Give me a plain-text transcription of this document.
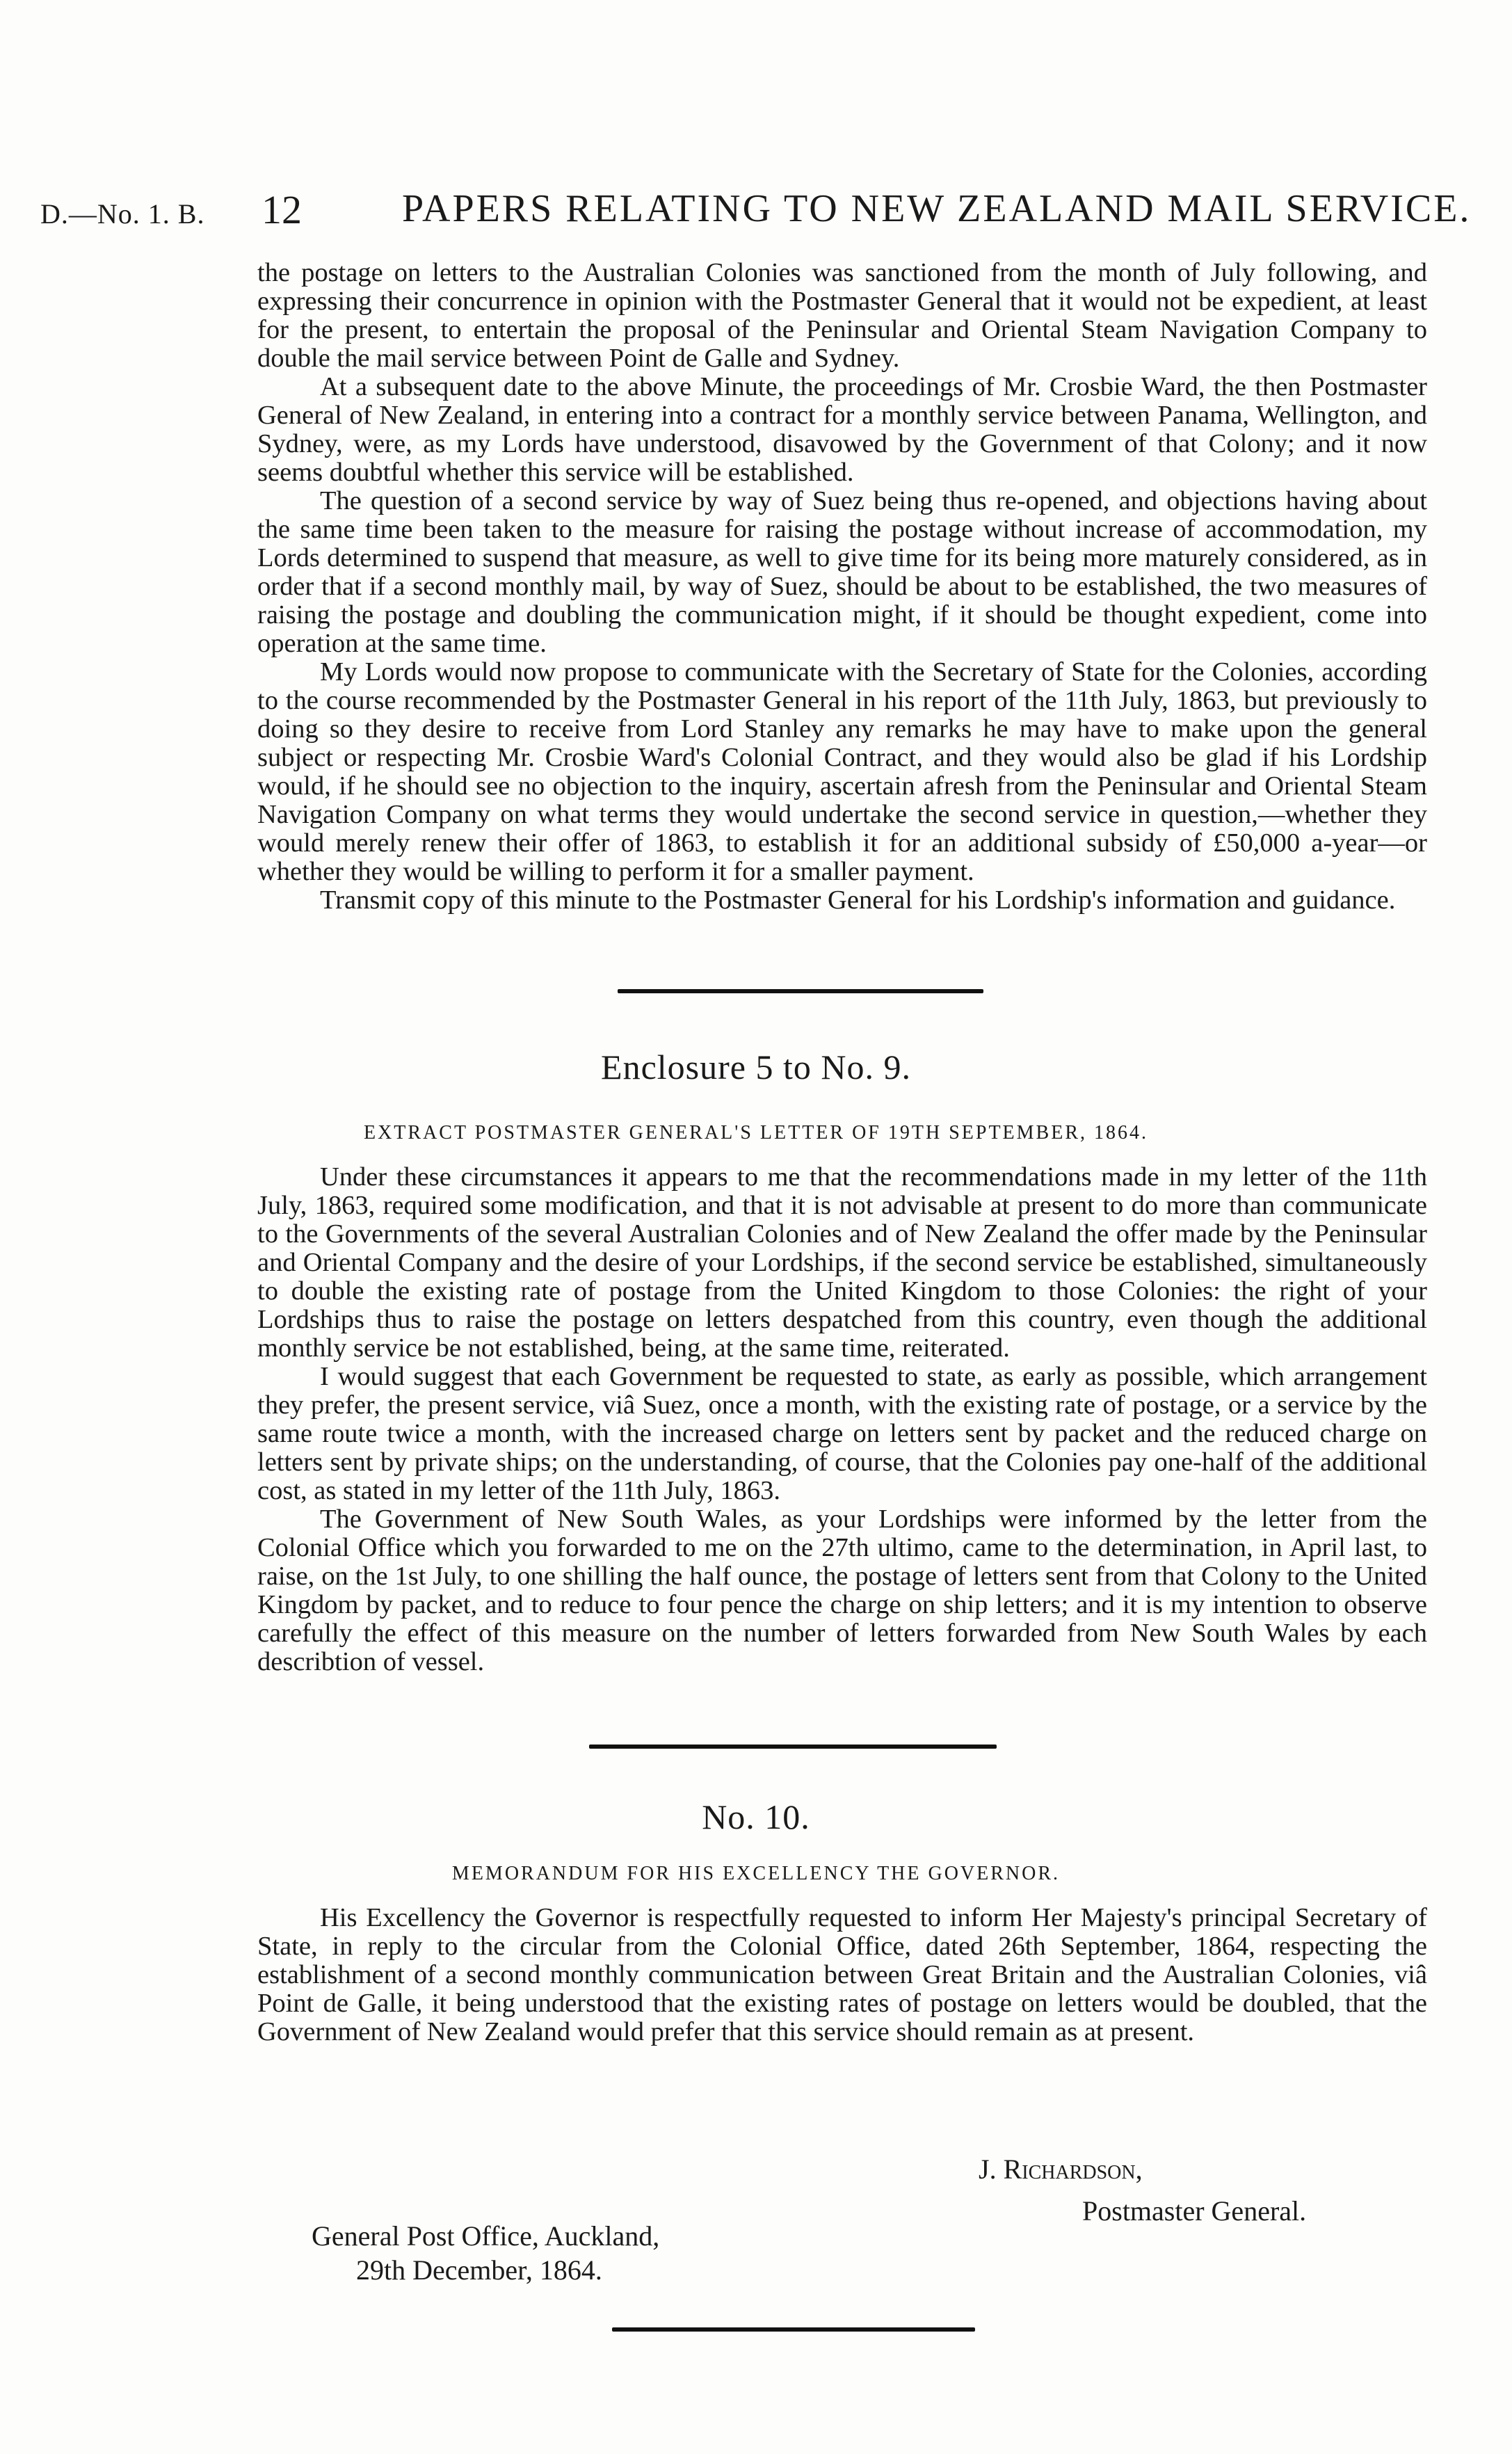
D.—No. 1. B. 12	PAPERS RELATING TO NEW ZEALAND MAIL SERVICE.

the postage on letters to the Australian Colonies was sanctioned from the month of July following, and expressing their concurrence in opinion with the Postmaster General that it would not be expedient, at least for the present, to entertain the proposal of the Peninsular and Oriental Steam Navigation Company to double the mail service between Point de Galle and Sydney.

At a subsequent date to the above Minute, the proceedings of Mr. Crosbie Ward, the then Postmaster General of New Zealand, in entering into a contract for a monthly service between Panama, Wellington, and Sydney, were, as my Lords have understood, disavowed by the Government of that Colony; and it now seems doubtful whether this service will be established.

The question of a second service by way of Suez being thus re-opened, and objections having about the same time been taken to the measure for raising the postage without increase of accommodation, my Lords determined to suspend that measure, as well to give time for its being more maturely considered, as in order that if a second monthly mail, by way of Suez, should be about to be established, the two measures of raising the postage and doubling the communication might, if it should be thought expedient, come into operation at the same time.

My Lords would now propose to communicate with the Secretary of State for the Colonies, according to the course recommended by the Postmaster General in his report of the 11th July, 1863, but previously to doing so they desire to receive from Lord Stanley any remarks he may have to make upon the general subject or respecting Mr. Crosbie Ward's Colonial Contract, and they would also be glad if his Lordship would, if he should see no objection to the inquiry, ascertain afresh from the Peninsular and Oriental Steam Navigation Company on what terms they would undertake the second service in question,—whether they would merely renew their offer of 1863, to establish it for an additional subsidy of £50,000 a-year—or whether they would be willing to perform it for a smaller payment.

Transmit copy of this minute to the Postmaster General for his Lordship's information and guidance.

Enclosure 5 to No. 9.
EXTRACT POSTMASTER GENERAL'S LETTER OF 19TH SEPTEMBER, 1864.

Under these circumstances it appears to me that the recommendations made in my letter of the 11th July, 1863, required some modification, and that it is not advisable at present to do more than communicate to the Governments of the several Australian Colonies and of New Zealand the offer made by the Peninsular and Oriental Company and the desire of your Lordships, if the second service be established, simultaneously to double the existing rate of postage from the United Kingdom to those Colonies: the right of your Lordships thus to raise the postage on letters despatched from this country, even though the additional monthly service be not established, being, at the same time, reiterated.

I would suggest that each Government be requested to state, as early as possible, which arrangement they prefer, the present service, viâ Suez, once a month, with the existing rate of postage, or a service by the same route twice a month, with the increased charge on letters sent by packet and the reduced charge on letters sent by private ships; on the understanding, of course, that the Colonies pay one-half of the additional cost, as stated in my letter of the 11th July, 1863.

The Government of New South Wales, as your Lordships were informed by the letter from the Colonial Office which you forwarded to me on the 27th ultimo, came to the determination, in April last, to raise, on the 1st July, to one shilling the half ounce, the postage of letters sent from that Colony to the United Kingdom by packet, and to reduce to four pence the charge on ship letters; and it is my intention to observe carefully the effect of this measure on the number of letters forwarded from New South Wales by each describtion of vessel.

No. 10.
MEMORANDUM FOR HIS EXCELLENCY THE GOVERNOR.

His Excellency the Governor is respectfully requested to inform Her Majesty's principal Secretary of State, in reply to the circular from the Colonial Office, dated 26th September, 1864, respecting the establishment of a second monthly communication between Great Britain and the Australian Colonies, viâ Point de Galle, it being understood that the existing rates of postage on letters would be doubled, that the Government of New Zealand would prefer that this service should remain as at present.

J. Richardson,
Postmaster General.
General Post Office, Auckland,
29th December, 1864.
